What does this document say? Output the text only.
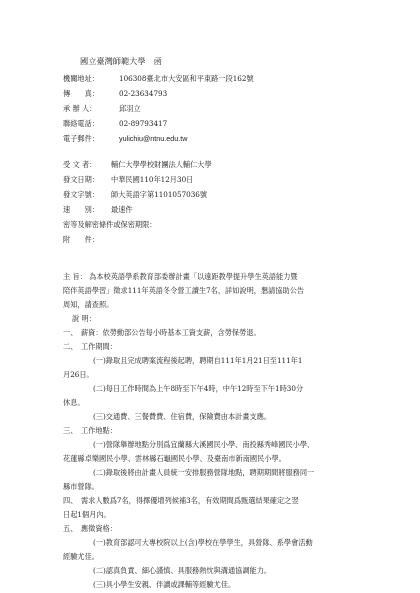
國立臺灣師範大學　函
機關地址：	106308臺北市大安區和平東路一段162號
傳　　真：	02-23634793
承 辦 人：	邱羽立
聯絡電話：	02-89793417
電子郵件：	yulichiu@ntnu.edu.tw
受 文 者： 輔仁大學學校財團法人輔仁大學
發文日期： 中華民國110年12月30日
發文字號： 師大英語字第1101057036號
速　　別： 最速件
密等及解密條件或保密期限：
附　　件：
主 旨： 為本校英語學系教育部委辦計畫「以遠距教學提升學生英語能力暨
陪伴英語學習」徵求111年英語冬令營工讀生7名，詳如說明，懇請協助公告
周知，請查照。
說 明：
一、　薪資：依勞動部公告每小時基本工資支薪，含勞保勞退。
二、　工作期間：
(一)錄取且完成聘案流程後起聘，聘期自111年1月21日至111年1
月26日。
(二)每日工作時間為上午8時至下午4時，中午12時至下午1時30分
休息。
(三)交通費、三餐費費、住宿費，保險費由本計畫支應。
三、　工作地點：
(一)營隊舉辦地點分別爲宜蘭縣大溪國民小學、南投縣秀峰國民小學、
花蓮縣卓樂國民小學、雲林縣石龜國民小學、及臺南市新南國民小學。
(二)錄取後將由計畫人員統一安排服務營隊地點，聘期期間將服務同一
縣市營隊。
四、　需求人數爲7名，得擇優增列候補3名，有效期間爲甄選結果確定之翌
日起1個月內。
五、　應徵資格：
(一)教育部認可大專校院以上(含)學校在學學生，具營隊、系學會活動
經驗尤佳。
(二)認真負責、細心謹慎、具服務熱忱與溝通協調能力。
(三)具小學生安親、伴讀或課輔等經驗尤佳。
